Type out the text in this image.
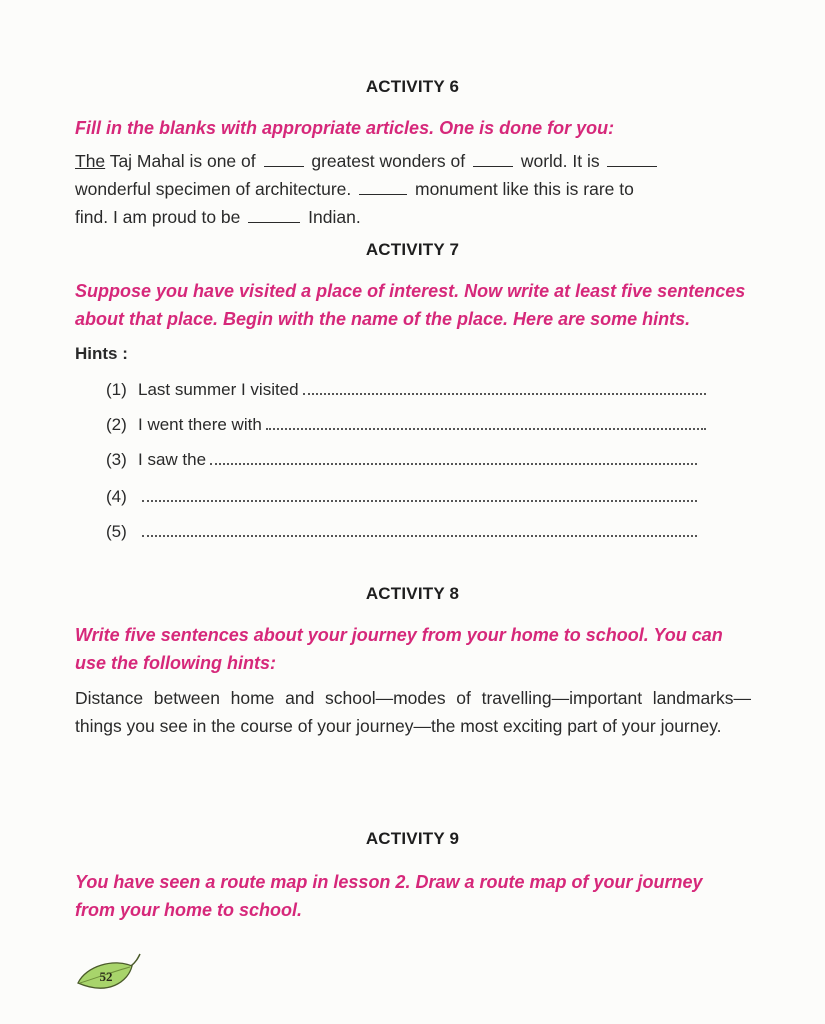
ACTIVITY 6
Fill in the blanks with appropriate articles. One is done for you:
The Taj Mahal is one of	greatest wonders of	world. It is
wonderful specimen of architecture.	monument like this is rare to
find. I am proud to be	Indian.
ACTIVITY 7
Suppose you have visited a place of interest. Now write at least five sentences
about that place. Begin with the name of the place. Here are some hints.
Hints :
(1) Last summer I visited
(2) I went there with
(3) I saw the
(4)
(5)
ACTIVITY 8
Write five sentences about your journey from your home to school. You can
use the following hints:
Distance between home and school—modes of travelling—important landmarks—things you see in the course of your journey—the most exciting part of your journey.
ACTIVITY 9
You have seen a route map in lesson 2. Draw a route map of your journey
from your home to school.
52
